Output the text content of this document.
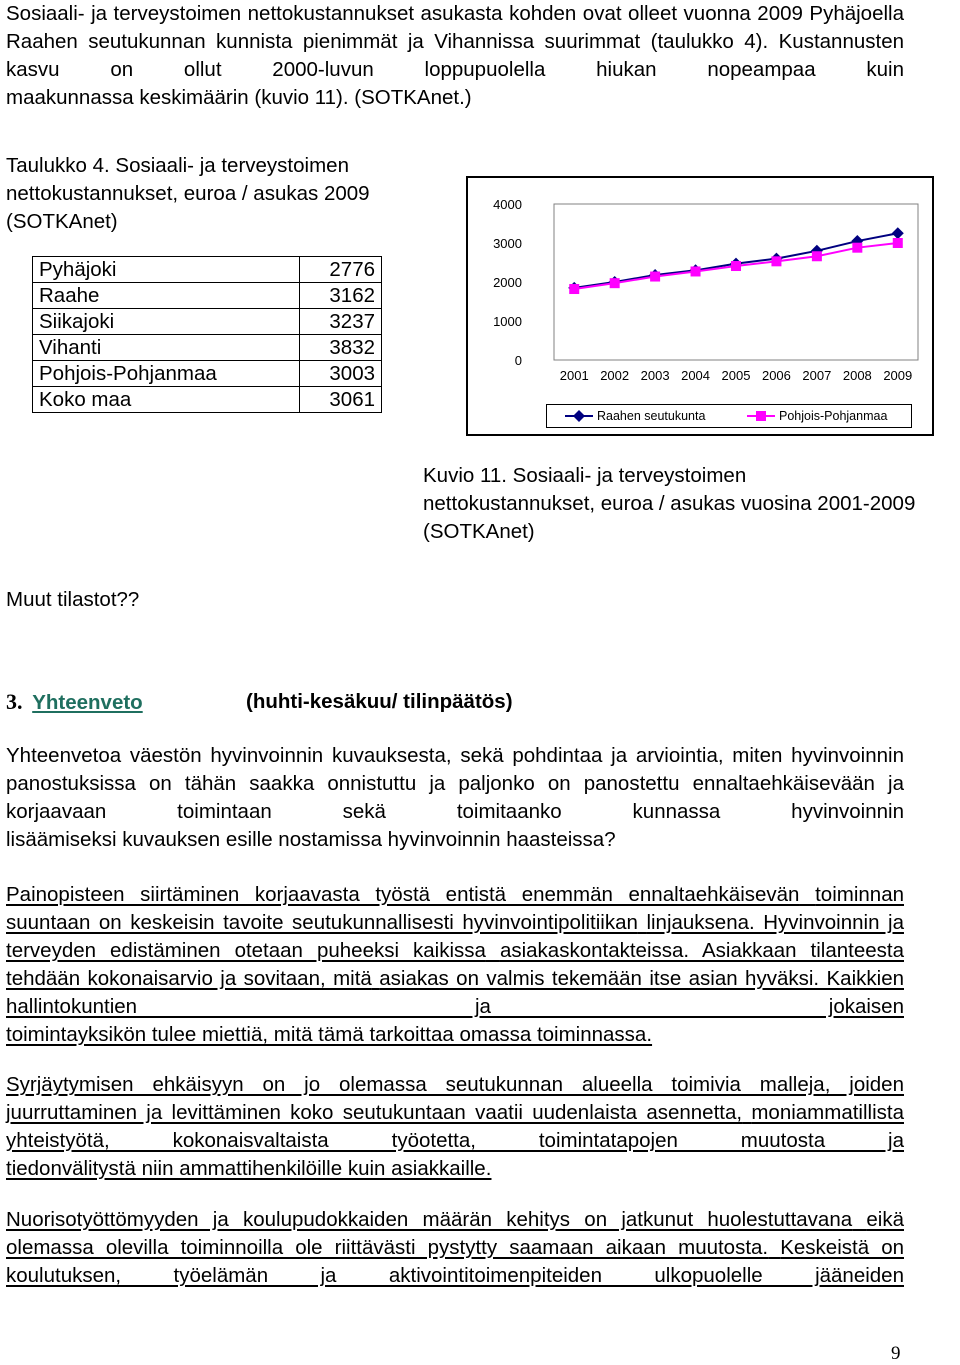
Sosiaali- ja terveystoimen nettokustannukset asukasta kohden ovat olleet vuonna 2009 Pyhäjoella Raahen seutukunnan kunnista pienimmät ja Vihannissa suurimmat (taulukko 4). Kustannusten kasvu on ollut 2000-luvun loppupuolella hiukan nopeampaa kuin
maakunnassa keskimäärin (kuvio 11). (SOTKAnet.)
Taulukko 4. Sosiaali- ja terveystoimen nettokustannukset, euroa / asukas 2009 (SOTKAnet)
Pyhäjoki	2776
Raahe	3162
Siikajoki	3237
Vihanti	3832
Pohjois-Pohjanmaa	3003
Koko maa	3061
4000
3000
2000
1000
0
2001 2002 2003 2004 2005 2006 2007 2008 2009
Raahen seutukunta	Pohjois-Pohjanmaa
Kuvio 11. Sosiaali- ja terveystoimen
nettokustannukset, euroa / asukas vuosina 2001-2009
(SOTKAnet)
Muut tilastot??
3. Yhteenveto	(huhti-kesäkuu/ tilinpäätös)
Yhteenvetoa väestön hyvinvoinnin kuvauksesta, sekä pohdintaa ja arviointia, miten hyvinvoinnin panostuksissa on tähän saakka onnistuttu ja paljonko on panostettu ennaltaehkäisevään ja korjaavaan toimintaan sekä toimitaanko kunnassa hyvinvoinnin
lisäämiseksi kuvauksen esille nostamissa hyvinvoinnin haasteissa?
Painopisteen siirtäminen korjaavasta työstä entistä enemmän ennaltaehkäisevän toiminnan suuntaan on keskeisin tavoite seutukunnallisesti hyvinvointipolitiikan linjauksena. Hyvinvoinnin ja terveyden edistäminen otetaan puheeksi kaikissa asiakaskontakteissa. Asiakkaan tilanteesta tehdään kokonaisarvio ja sovitaan, mitä asiakas on valmis tekemään itse asian hyväksi. Kaikkien hallintokuntien ja jokaisen
toimintayksikön tulee miettiä, mitä tämä tarkoittaa omassa toiminnassa.
Syrjäytymisen ehkäisyyn on jo olemassa seutukunnan alueella toimivia malleja, joiden juurruttaminen ja levittäminen koko seutukuntaan vaatii uudenlaista asennetta, moniammatillista yhteistyötä, kokonaisvaltaista työotetta, toimintatapojen muutosta ja
tiedonvälitystä niin ammattihenkilöille kuin asiakkaille.
Nuorisotyöttömyyden ja koulupudokkaiden määrän kehitys on jatkunut huolestuttavana eikä olemassa olevilla toiminnoilla ole riittävästi pystytty saamaan aikaan muutosta. Keskeistä on koulutuksen, työelämän ja aktivointitoimenpiteiden ulkopuolelle jääneiden
9
